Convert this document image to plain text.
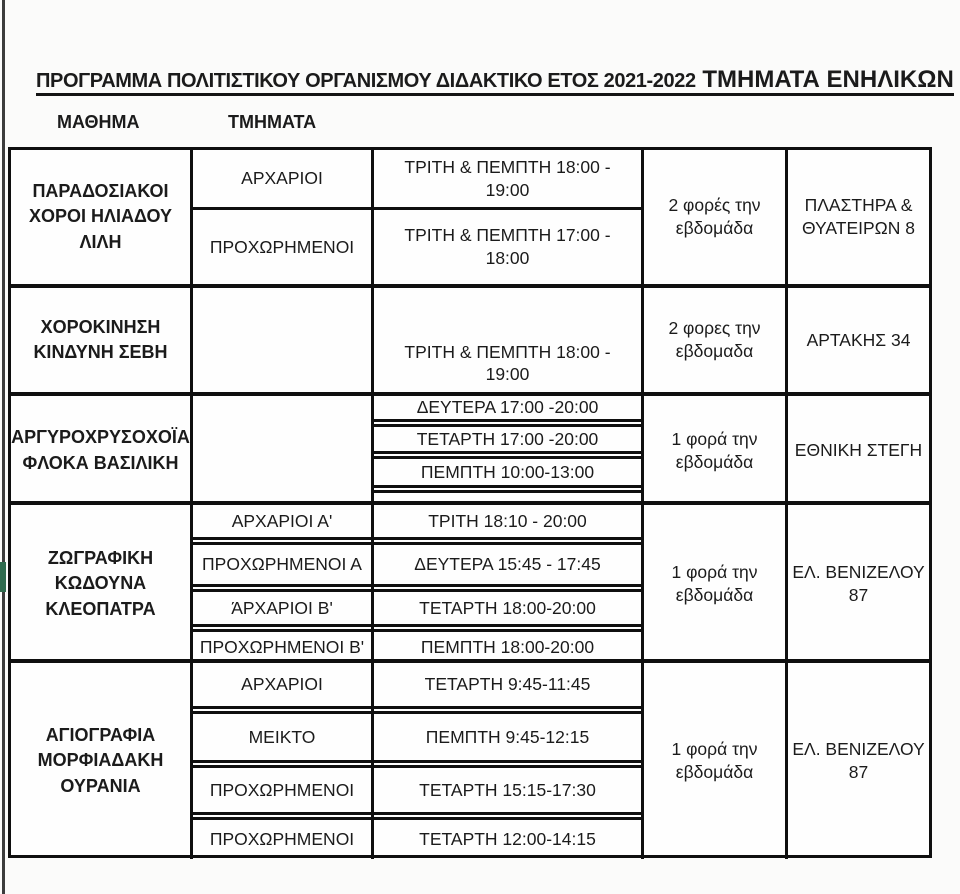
ΠΡΟΓΡΑΜΜΑ ΠΟΛΙΤΙΣΤΙΚΟΥ ΟΡΓΑΝΙΣΜΟΥ ΔΙΔΑΚΤΙΚΟ ΕΤΟΣ 2021-2022 ΤΜΗΜΑΤΑ ΕΝΗΛΙΚΩΝ
ΜΑΘΗΜΑ	ΤΜΗΜΑΤΑ
ΠΑΡΑΔΟΣΙΑΚΟΙ ΧΟΡΟΙ ΗΛΙΑΔΟΥ ΛΙΛΗ
ΑΡΧΑΡΙΟΙ
ΠΡΟΧΩΡΗΜΕΝΟΙ
ΤΡΙΤΗ & ΠΕΜΠΤΗ 18:00 - 19:00
ΤΡΙΤΗ & ΠΕΜΠΤΗ 17:00 - 18:00
2 φορές την εβδομάδα
ΠΛΑΣΤΗΡΑ & ΘΥΑΤΕΙΡΩΝ 8
ΧΟΡΟΚΙΝΗΣΗ ΚΙΝΔΥΝΗ ΣΕΒΗ	ΤΡΙΤΗ & ΠΕΜΠΤΗ 18:00 - 19:00
2 φορες την εβδομαδα
ΑΡΤΑΚΗΣ 34
ΑΡΓΥΡΟΧΡΥΣΟΧΟΪΑ ΦΛΟΚΑ ΒΑΣΙΛΙΚΗ
ΔΕΥΤΕΡΑ 17:00 -20:00
ΤΕΤΑΡΤΗ 17:00 -20:00
ΠΕΜΠΤΗ 10:00-13:00
1 φορά την εβδομάδα
ΕΘΝΙΚΗ ΣΤΕΓΗ
ΖΩΓΡΑΦΙΚΗ ΚΩΔΟΥΝΑ ΚΛΕΟΠΑΤΡΑ
ΑΡΧΑΡΙΟΙ Α'
ΠΡΟΧΩΡΗΜΕΝΟΙ Α
ΆΡΧΑΡΙΟΙ Β'
ΠΡΟΧΩΡΗΜΕΝΟΙ Β'
ΤΡΙΤΗ 18:10 - 20:00
ΔΕΥΤΕΡΑ 15:45 - 17:45
ΤΕΤΑΡΤΗ 18:00-20:00
ΠΕΜΠΤΗ 18:00-20:00
1 φορά την εβδομάδα
ΕΛ. ΒΕΝΙΖΕΛΟΥ 87
ΑΓΙΟΓΡΑΦΙΑ ΜΟΡΦΙΑΔΑΚΗ ΟΥΡΑΝΙΑ
ΑΡΧΑΡΙΟΙ
ΜΕΙΚΤΟ
ΠΡΟΧΩΡΗΜΕΝΟΙ
ΠΡΟΧΩΡΗΜΕΝΟΙ
ΤΕΤΑΡΤΗ 9:45-11:45
ΠΕΜΠΤΗ 9:45-12:15
ΤΕΤΑΡΤΗ 15:15-17:30
ΤΕΤΑΡΤΗ 12:00-14:15
1 φορά την εβδομάδα
ΕΛ. ΒΕΝΙΖΕΛΟΥ 87
